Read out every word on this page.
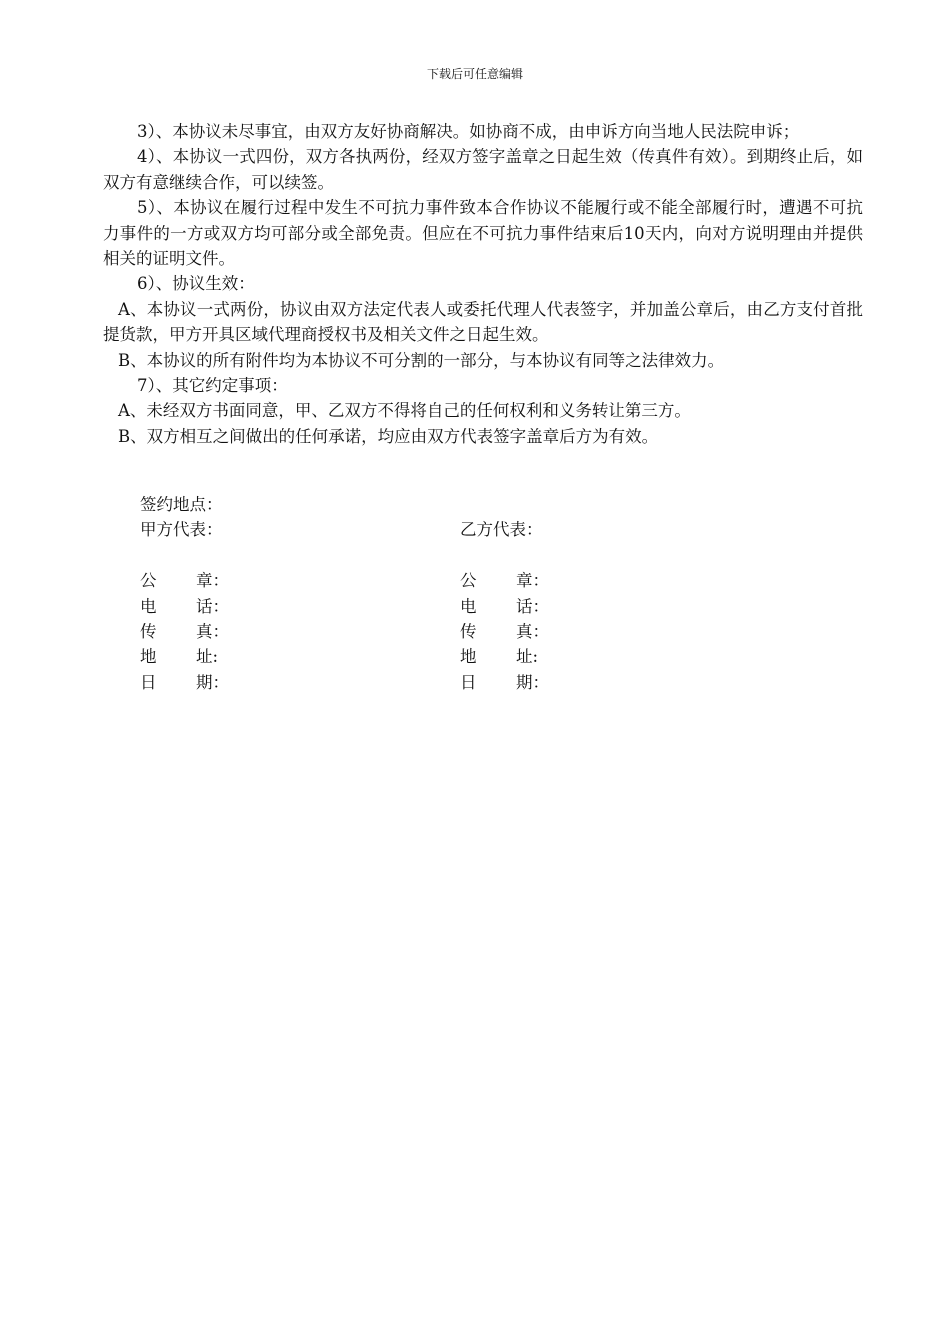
下载后可任意编辑

3）、本协议未尽事宜，由双方友好协商解决。如协商不成，由申诉方向当地人民法院申诉；

4）、本协议一式四份，双方各执两份，经双方签字盖章之日起生效（传真件有效）。到期终止后，如双方有意继续合作，可以续签。

5）、本协议在履行过程中发生不可抗力事件致本合作协议不能履行或不能全部履行时，遭遇不可抗力事件的一方或双方均可部分或全部免责。但应在不可抗力事件结束后10天内，向对方说明理由并提供相关的证明文件。

6）、协议生效：

A、本协议一式两份，协议由双方法定代表人或委托代理人代表签字，并加盖公章后，由乙方支付首批提货款，甲方开具区域代理商授权书及相关文件之日起生效。

B、本协议的所有附件均为本协议不可分割的一部分，与本协议有同等之法律效力。

7）、其它约定事项：

A、未经双方书面同意，甲、乙双方不得将自己的任何权利和义务转让第三方。

B、双方相互之间做出的任何承诺，均应由双方代表签字盖章后方为有效。

签约地点：
甲方代表：	乙方代表：
公 章：	公 章：
电 话：	电 话：
传 真：	传 真：
地 址:	地 址:
日 期：	日 期：
